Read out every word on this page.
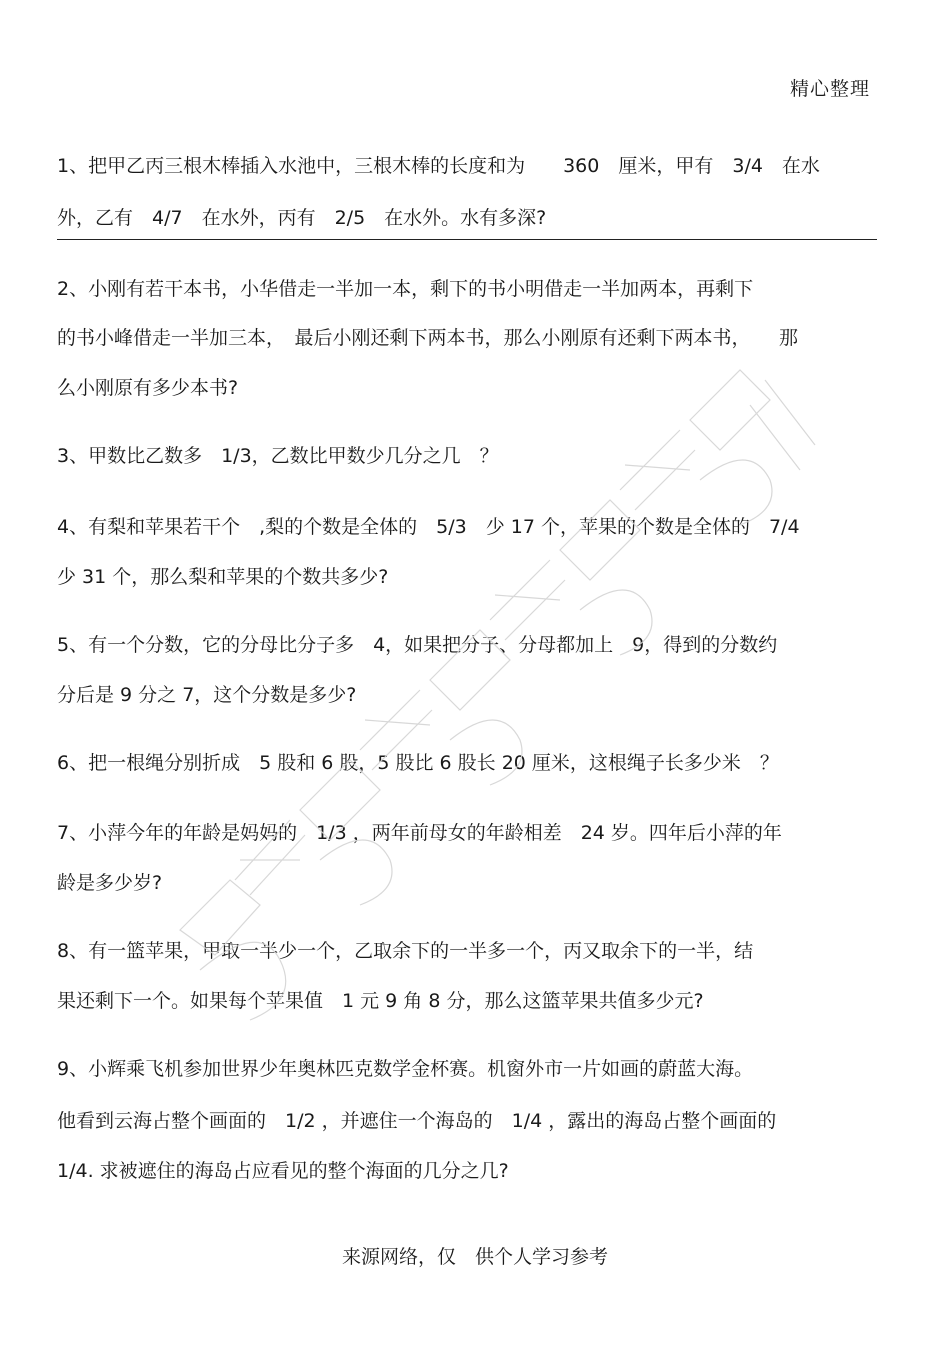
精心整理
1、把甲乙丙三根木棒插入水池中，三根木棒的长度和为　　360　厘米，甲有　3/4　在水
外，乙有　4/7　在水外，丙有　2/5　在水外。水有多深?
2、小刚有若干本书，小华借走一半加一本，剩下的书小明借走一半加两本，再剩下
的书小峰借走一半加三本，　最后小刚还剩下两本书，那么小刚原有还剩下两本书，　　那
么小刚原有多少本书?
3、甲数比乙数多　1/3，乙数比甲数少几分之几　？
4、有梨和苹果若干个　,梨的个数是全体的　5/3　少 17 个，苹果的个数是全体的　7/4
少 31 个，那么梨和苹果的个数共多少?
5、有一个分数，它的分母比分子多　4，如果把分子、分母都加上　9，得到的分数约
分后是 9 分之 7，这个分数是多少?
6、把一根绳分别折成　5 股和 6 股，5 股比 6 股长 20 厘米，这根绳子长多少米　？
7、小萍今年的年龄是妈妈的　1/3 ，两年前母女的年龄相差　24 岁。四年后小萍的年
龄是多少岁?
8、有一篮苹果，甲取一半少一个，乙取余下的一半多一个，丙又取余下的一半，结
果还剩下一个。如果每个苹果值　1 元 9 角 8 分，那么这篮苹果共值多少元?
9、小辉乘飞机参加世界少年奥林匹克数学金杯赛。机窗外市一片如画的蔚蓝大海。
他看到云海占整个画面的　1/2 ，并遮住一个海岛的　1/4 ，露出的海岛占整个画面的
1/4. 求被遮住的海岛占应看见的整个海面的几分之几?
来源网络，仅　供个人学习参考
